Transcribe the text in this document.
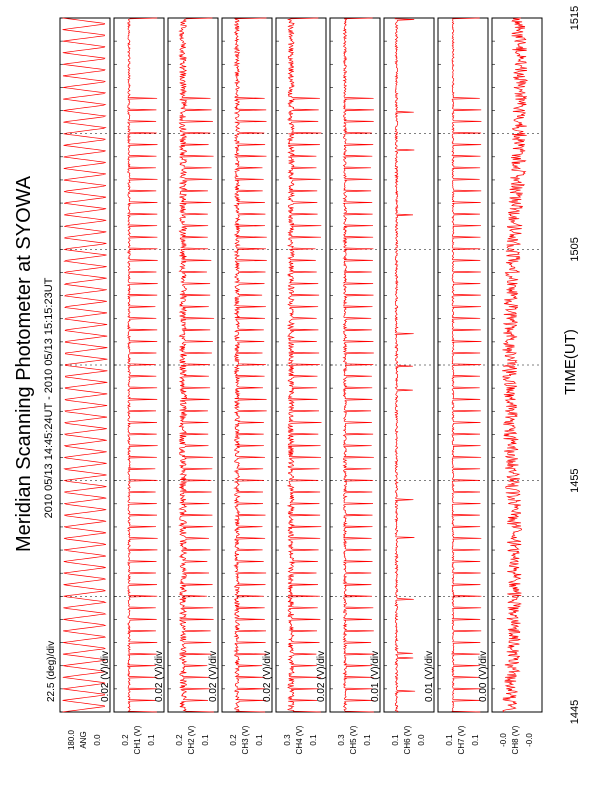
Meridian Scanning Photometer at SYOWA 2010 05/13 14:45:24UT - 2010 05/13 15:15:23UT
1515
1505
1455
1445
TIME(UT)
180.0 ANG 0.0
22.5 (deg)/div
0.2 CH1 (V) 0.1
0.02 (V)/div
0.2 CH2 (V) 0.1
0.02 (V)/div
0.2 CH3 (V) 0.1
0.02 (V)/div
0.3 CH4 (V) 0.1
0.02 (V)/div
0.3 CH5 (V) 0.1
0.02 (V)/div
0.1 CH6 (V) 0.0
0.01 (V)/div
0.1 CH7 (V) 0.1
0.01 (V)/div
-0.0 CH8 (V) -0.0
0.00 (V)/div
